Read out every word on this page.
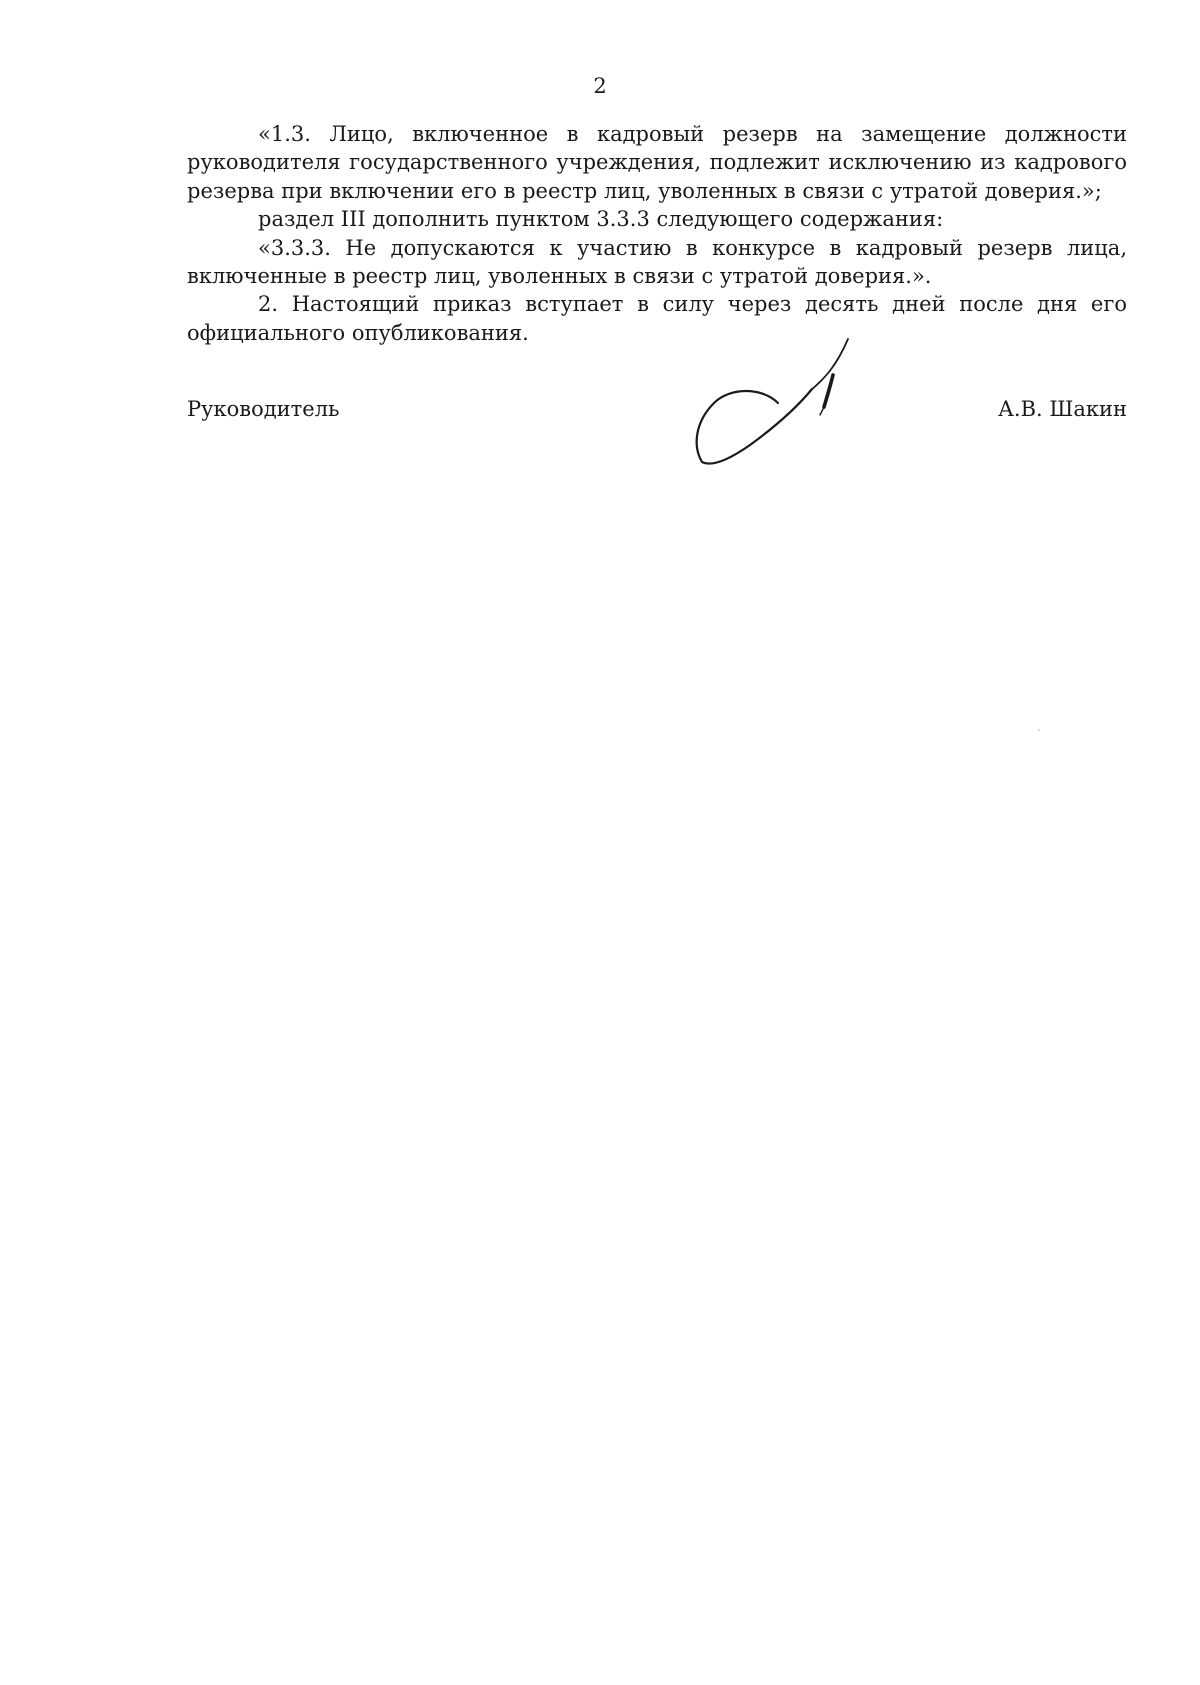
2

«1.3. Лицо, включенное в кадровый резерв на замещение должности руководителя государственного учреждения, подлежит исключению из кадрового резерва при включении его в реестр лиц, уволенных в связи с утратой доверия.»;

раздел III дополнить пунктом 3.3.3 следующего содержания:

«3.3.3. Не допускаются к участию в конкурсе в кадровый резерв лица, включенные в реестр лиц, уволенных в связи с утратой доверия.».

2. Настоящий приказ вступает в силу через десять дней после дня его официального опубликования.

Руководитель	А.В. Шакин
